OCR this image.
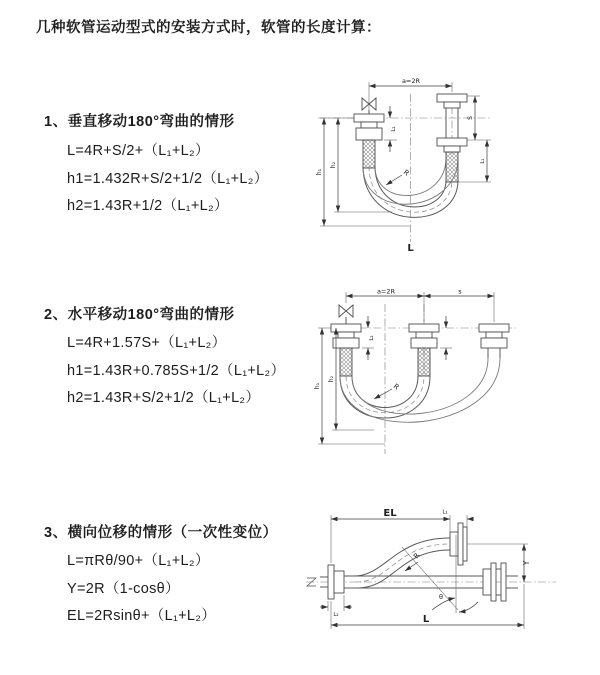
几种软管运动型式的安装方式时，软管的长度计算：
1、垂直移动180°弯曲的情形
L=4R+S/2+（L₁+L₂）
h1=1.432R+S/2+1/2（L₁+L₂）
h2=1.43R+1/2（L₁+L₂）
2、水平移动180°弯曲的情形
L=4R+1.57S+（L₁+L₂）
h1=1.43R+0.785S+1/2（L₁+L₂）
h2=1.43R+S/2+1/2（L₁+L₂）
3、横向位移的情形（一次性变位）
L=πRθ/90+（L₁+L₂）
Y=2R（1-cosθ）
EL=2Rsinθ+（L₁+L₂）
a=2R
S
L₁
L₂
h₁
h₂
R
L
a=2R	s
L₂
h₁
h₂
R
EL	L₁
Y
L
L₂
θ
R
